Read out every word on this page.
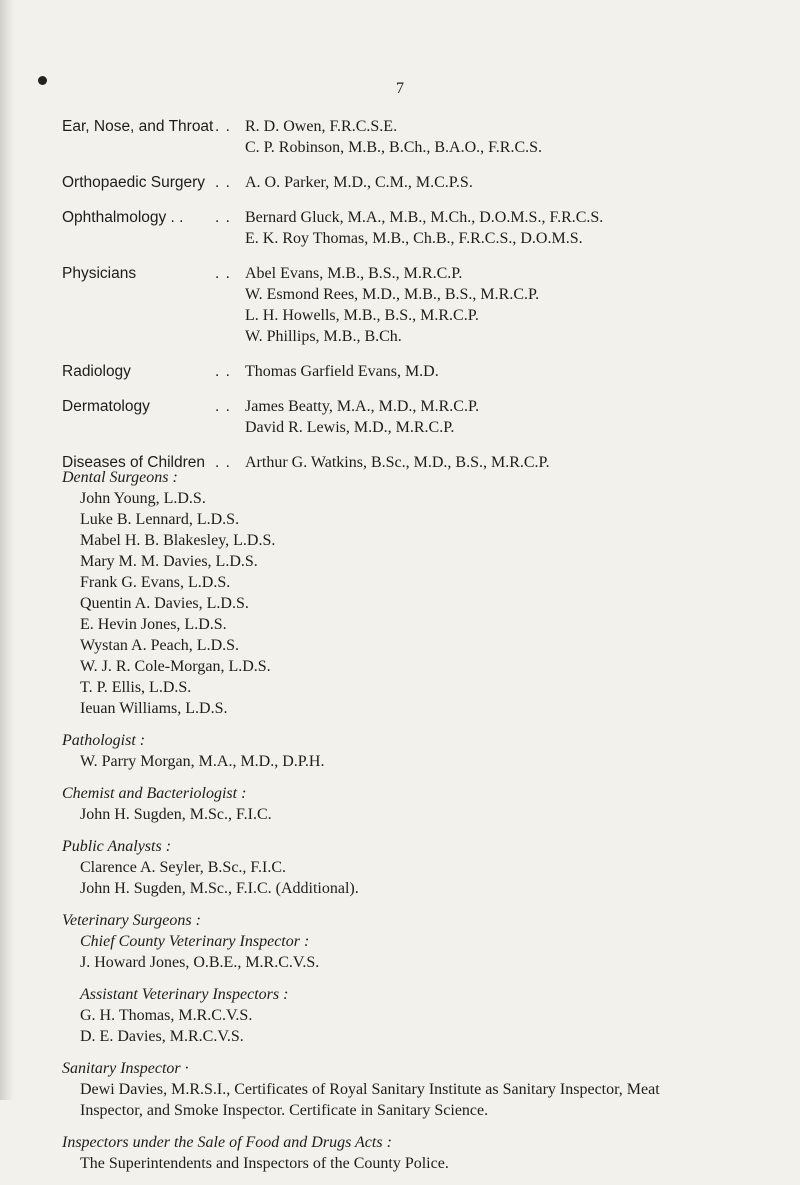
7
Ear, Nose, and Throat . . R. D. Owen, F.R.C.S.E.
C. P. Robinson, M.B., B.Ch., B.A.O., F.R.C.S.
Orthopaedic Surgery . . A. O. Parker, M.D., C.M., M.C.P.S.
Ophthalmology . . . . Bernard Gluck, M.A., M.B., M.Ch., D.O.M.S., F.R.C.S.
E. K. Roy Thomas, M.B., Ch.B., F.R.C.S., D.O.M.S.
Physicians	. . Abel Evans, M.B., B.S., M.R.C.P.
W. Esmond Rees, M.D., M.B., B.S., M.R.C.P.
L. H. Howells, M.B., B.S., M.R.C.P.
W. Phillips, M.B., B.Ch.
Radiology	. . Thomas Garfield Evans, M.D.
Dermatology	. . James Beatty, M.A., M.D., M.R.C.P.
David R. Lewis, M.D., M.R.C.P.
Diseases of Children . . Arthur G. Watkins, B.Sc., M.D., B.S., M.R.C.P.
Dental Surgeons :
John Young, L.D.S.
Luke B. Lennard, L.D.S.
Mabel H. B. Blakesley, L.D.S.
Mary M. M. Davies, L.D.S.
Frank G. Evans, L.D.S.
Quentin A. Davies, L.D.S.
E. Hevin Jones, L.D.S.
Wystan A. Peach, L.D.S.
W. J. R. Cole-Morgan, L.D.S.
T. P. Ellis, L.D.S.
Ieuan Williams, L.D.S.
Pathologist :
W. Parry Morgan, M.A., M.D., D.P.H.
Chemist and Bacteriologist :
John H. Sugden, M.Sc., F.I.C.
Public Analysts :
Clarence A. Seyler, B.Sc., F.I.C.
John H. Sugden, M.Sc., F.I.C. (Additional).
Veterinary Surgeons :
Chief County Veterinary Inspector :
J. Howard Jones, O.B.E., M.R.C.V.S.
Assistant Veterinary Inspectors :
G. H. Thomas, M.R.C.V.S.
D. E. Davies, M.R.C.V.S.
Sanitary Inspector ·
Dewi Davies, M.R.S.I., Certificates of Royal Sanitary Institute as Sanitary Inspector, Meat
Inspector, and Smoke Inspector. Certificate in Sanitary Science.
Inspectors under the Sale of Food and Drugs Acts :
The Superintendents and Inspectors of the County Police.
